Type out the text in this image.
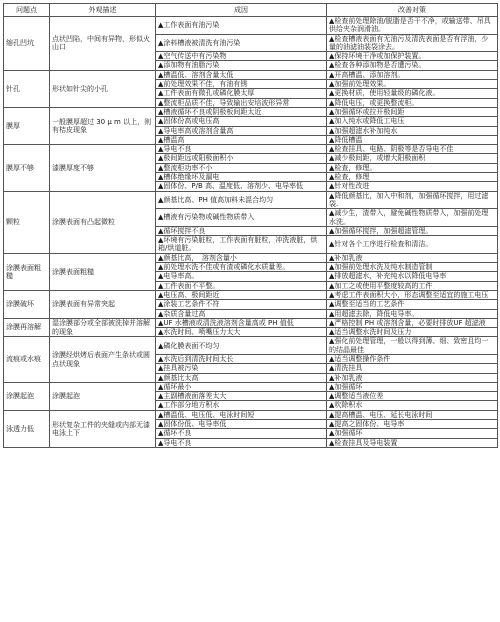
问题点	外观描述	成因	改善对策
缩孔凹坑	点状凹陷，中间有异物，形似火山口	▲工作表面有油污染	▲检查前处理除油/脱脂是否干不净，或输送带、吊具供给夹杂润滑油。
		▲涂料槽液被清洗有油污染	▲检查槽液表面有无油污及清洗表面是否有浮油，少量的油滤油装袋涂去。
		▲空气传送中有污染物	▲保持环境干净或加保护装置。
		▲添加物有油脂污染	▲检查各种添加物是否遭污染。
针孔	形状如针尖的小孔	▲槽温低、溶剂含量太低	▲开高槽温、添加溶剂。
		▲前处理效果不佳，有油有锈	▲加强前处理效果。
		▲工件表面有微孔或磷化膜太厚	▲更换材质，使用轻量级的磷化液。
		▲整流柜品质不佳，导致输出安培波形异常	▲降低电压，或更换整流柜。
膜厚	一般膜厚超过 30 μ m 以上，则有桔皮现象	▲槽液循环不良或阴极板间距太近	▲加强循环或拉开极间距
		▲固体份高或电压高	▲加入纯水或降低工电压
		▲导电率高或溶剂含量高	▲加强超滤水补加纯水
		▲槽温高	▲降低槽温
膜厚不够	漆膜厚度不够	▲导电不良	▲检查挂具、电路、阴极等是否导电不佳
		▲极间距远或阳极面积小	▲减少极间距，或增大阳极面积
		▲整流柜功率不小	▲检查，修理。
		▲槽体绝缘坏及漏电	▲检查，修理
		▲固体份、P/B 高、温度低、溶剂少、电导率低	▲针对性改进
颗粒	涂膜表面有凸起微粒	▲颜基比高、PH 值高加料未混合均匀	▲降低颜基比，加入中和剂，加强循环搅拌，用过滤袋.
		▲槽液有污染物或碱性物质带入	▲减少生，渣带入，避免碱性物质带入，加强前处理水洗。
		▲循环搅拌不良	▲加强循环搅拌，加强超滤管理。
		▲环境有污染脏粒，工作表面有脏粒，冲洗液脏，烘箱/烘道脏。	▲针对各个工序进行检查和清洁。
涂膜表面粗糙	涂膜表面粗糙	▲颜基比高，　溶剂含量小	▲补加乳液
		▲前处理水洗不佳或有渣或磷化水质量差。	▲加强前处理水洗及纯水制造管制
		▲电导率高。	▲排放超滤水，补充纯水以降低电导率
		▲工件表面不平整。	▲加工之或使用平整度较高的工件
涂膜破坏	涂膜表面有异常突起	▲电压高、极间距近	▲考虑工件表面积大小，形态调整至适宜的施工电压
		▲涂装工艺条件不符	▲调整至适当的工艺条件
		▲杂质含量过高	▲用超滤去除，降低电导率。
涂膜再溶解	湿涂膜部分或全部被洗掉并溶解的现象	▲UF 水槽液或清洗液溶剂含量高或 PH 值低	▲严格控制 PH 或溶剂含量，必要时排放UF 超滤液
		▲水洗时间、喷嘴压力太大	▲适当调整水洗时间及压力
流痕或水痕	涂膜经烘烤后表面产生条状或圆点状现象	▲磷化膜表面不均匀	▲强化前处理管理，一般以得到薄、细、致密且均一的结晶最佳
		▲水洗后到清洗时间太长	▲适当调整操作条件
		▲挂具被污染	▲清洗挂具
		▲颜基比太高	▲补加乳液
涂膜起泡	涂膜起泡	▲循环最小	▲加强循环
		▲主副槽液面落差太大	▲调整适当液位差
		▲工作部分地方积水	▲吹除积水
泳透力低	形状复杂工件的夹缝或内部无漆电泳上下	▲槽温低、电压低、电泳时间短	▲提高槽温、电压、延长电泳时间
		▲固体份低、电导率低	▲提高之固体份、电导率
		▲循环不良	▲加强循环
		▲导电不良	▲检查挂具及导电装置
